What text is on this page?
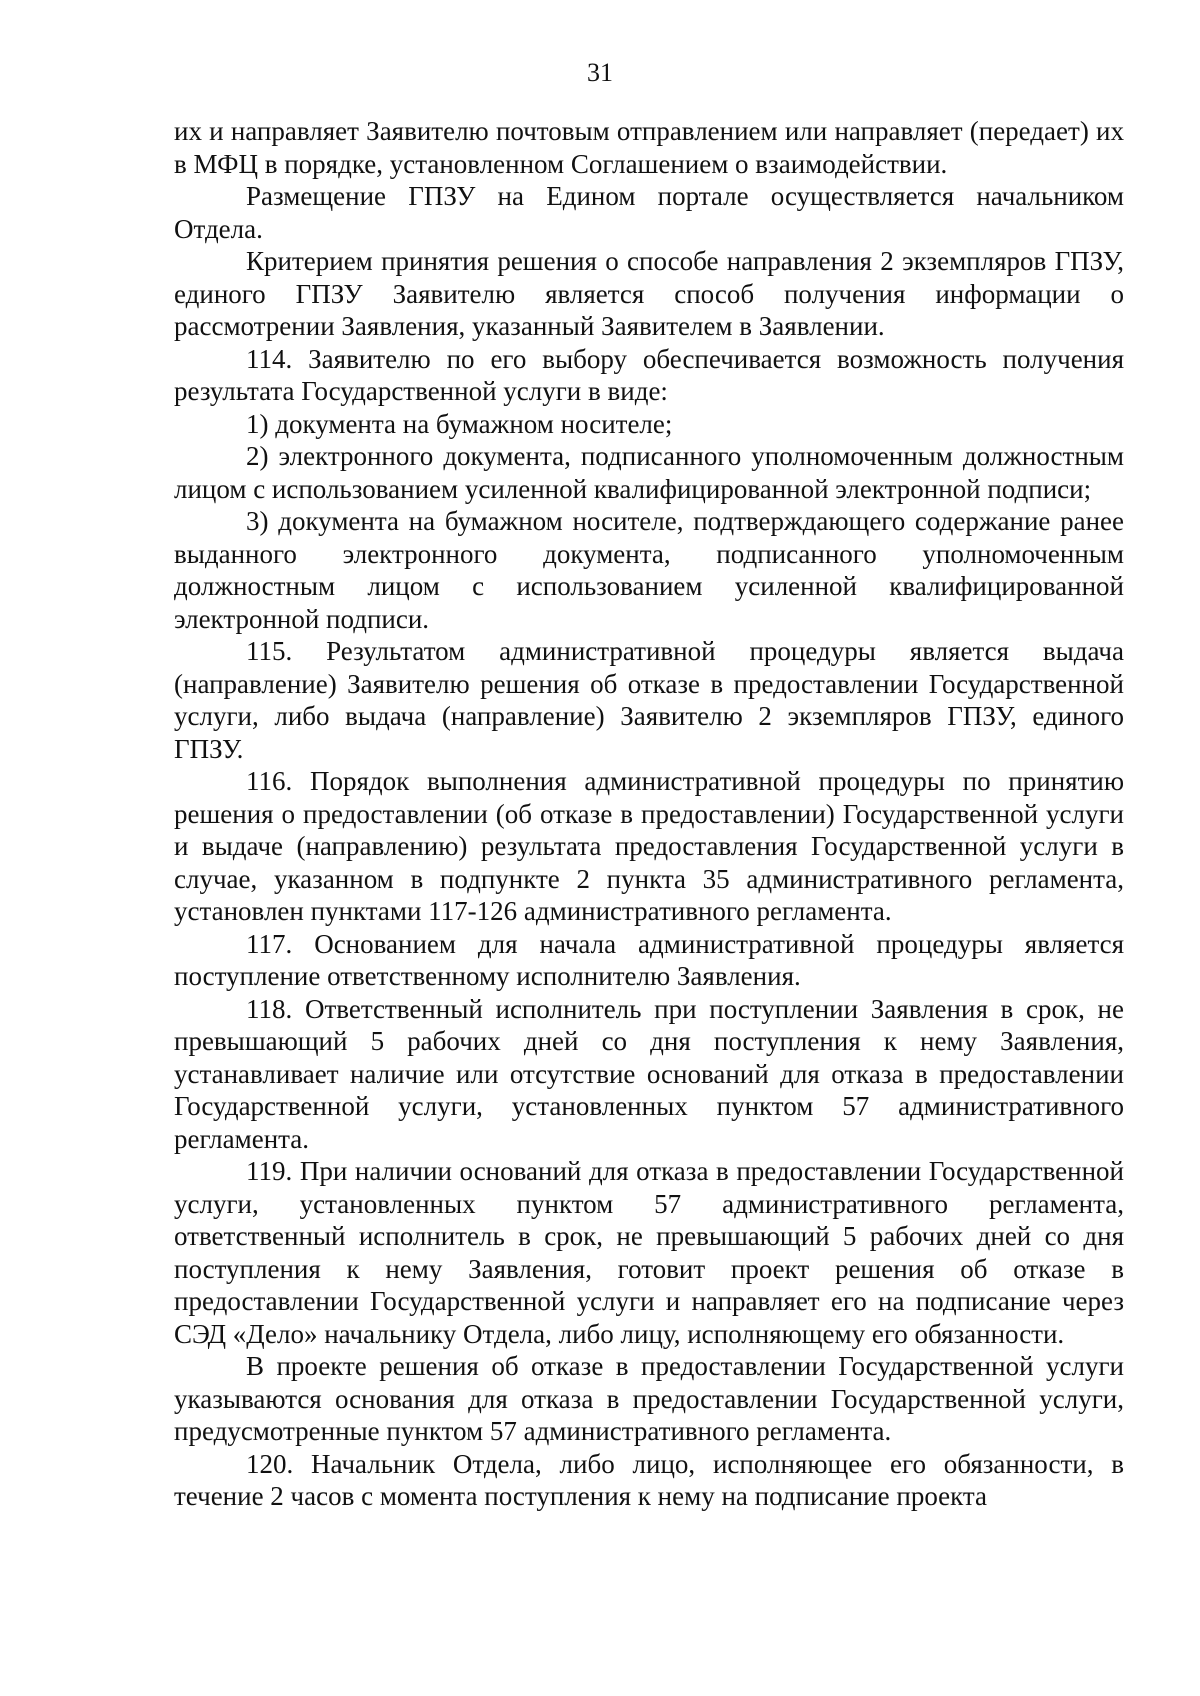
31

их и направляет Заявителю почтовым отправлением или направляет (передает) их в МФЦ в порядке, установленном Соглашением о взаимодействии.

Размещение ГПЗУ на Едином портале осуществляется начальником Отдела.

Критерием принятия решения о способе направления 2 экземпляров ГПЗУ, единого ГПЗУ Заявителю является способ получения информации о рассмотрении Заявления, указанный Заявителем в Заявлении.

114. Заявителю по его выбору обеспечивается возможность получения результата Государственной услуги в виде:

1) документа на бумажном носителе;

2) электронного документа, подписанного уполномоченным должностным лицом с использованием усиленной квалифицированной электронной подписи;

3) документа на бумажном носителе, подтверждающего содержание ранее выданного электронного документа, подписанного уполномоченным должностным лицом с использованием усиленной квалифицированной электронной подписи.

115. Результатом административной процедуры является выдача (направление) Заявителю решения об отказе в предоставлении Государственной услуги, либо выдача (направление) Заявителю 2 экземпляров ГПЗУ, единого ГПЗУ.

116. Порядок выполнения административной процедуры по принятию решения о предоставлении (об отказе в предоставлении) Государственной услуги и выдаче (направлению) результата предоставления Государственной услуги в случае, указанном в подпункте 2 пункта 35 административного регламента, установлен пунктами 117-126 административного регламента.

117. Основанием для начала административной процедуры является поступление ответственному исполнителю Заявления.

118. Ответственный исполнитель при поступлении Заявления в срок, не превышающий 5 рабочих дней со дня поступления к нему Заявления, устанавливает наличие или отсутствие оснований для отказа в предоставлении Государственной услуги, установленных пунктом 57 административного регламента.

119. При наличии оснований для отказа в предоставлении Государственной услуги, установленных пунктом 57 административного регламента, ответственный исполнитель в срок, не превышающий 5 рабочих дней со дня поступления к нему Заявления, готовит проект решения об отказе в предоставлении Государственной услуги и направляет его на подписание через СЭД «Дело» начальнику Отдела, либо лицу, исполняющему его обязанности.

В проекте решения об отказе в предоставлении Государственной услуги указываются основания для отказа в предоставлении Государственной услуги, предусмотренные пунктом 57 административного регламента.

120. Начальник Отдела, либо лицо, исполняющее его обязанности, в течение 2 часов с момента поступления к нему на подписание проекта
